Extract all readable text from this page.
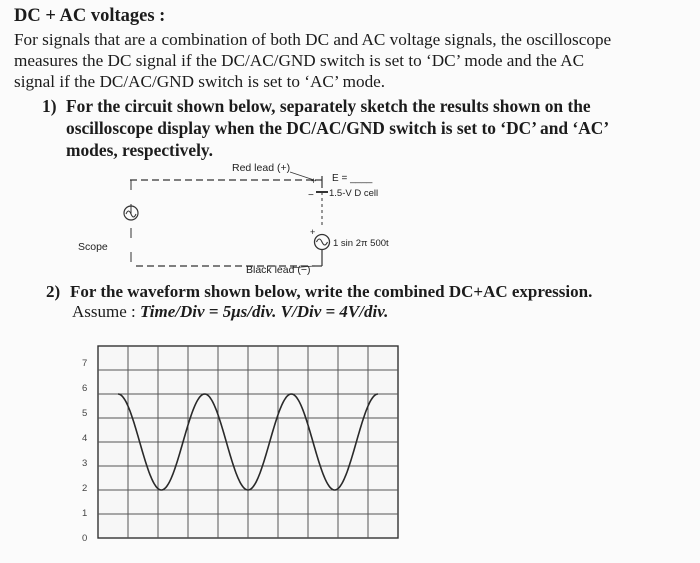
DC + AC voltages :
For signals that are a combination of both DC and AC voltage signals, the oscilloscope
measures the DC signal if the DC/AC/GND switch is set to ‘DC’ mode and the AC
signal if the DC/AC/GND switch is set to ‘AC’ mode.
1) For the circuit shown below, separately sketch the results shown on the
oscilloscope display when the DC/AC/GND switch is set to ‘DC’ and ‘AC’
modes, respectively.
Red lead (+)
Black lead (−)
Scope
+
−
E = ____
1.5-V D cell
+
1 sin 2π 500t
2) For the waveform shown below, write the combined DC+AC expression.
Assume : Time/Div = 5μs/div. V/Div = 4V/div.
0
1
2
3
4
5
6
7
